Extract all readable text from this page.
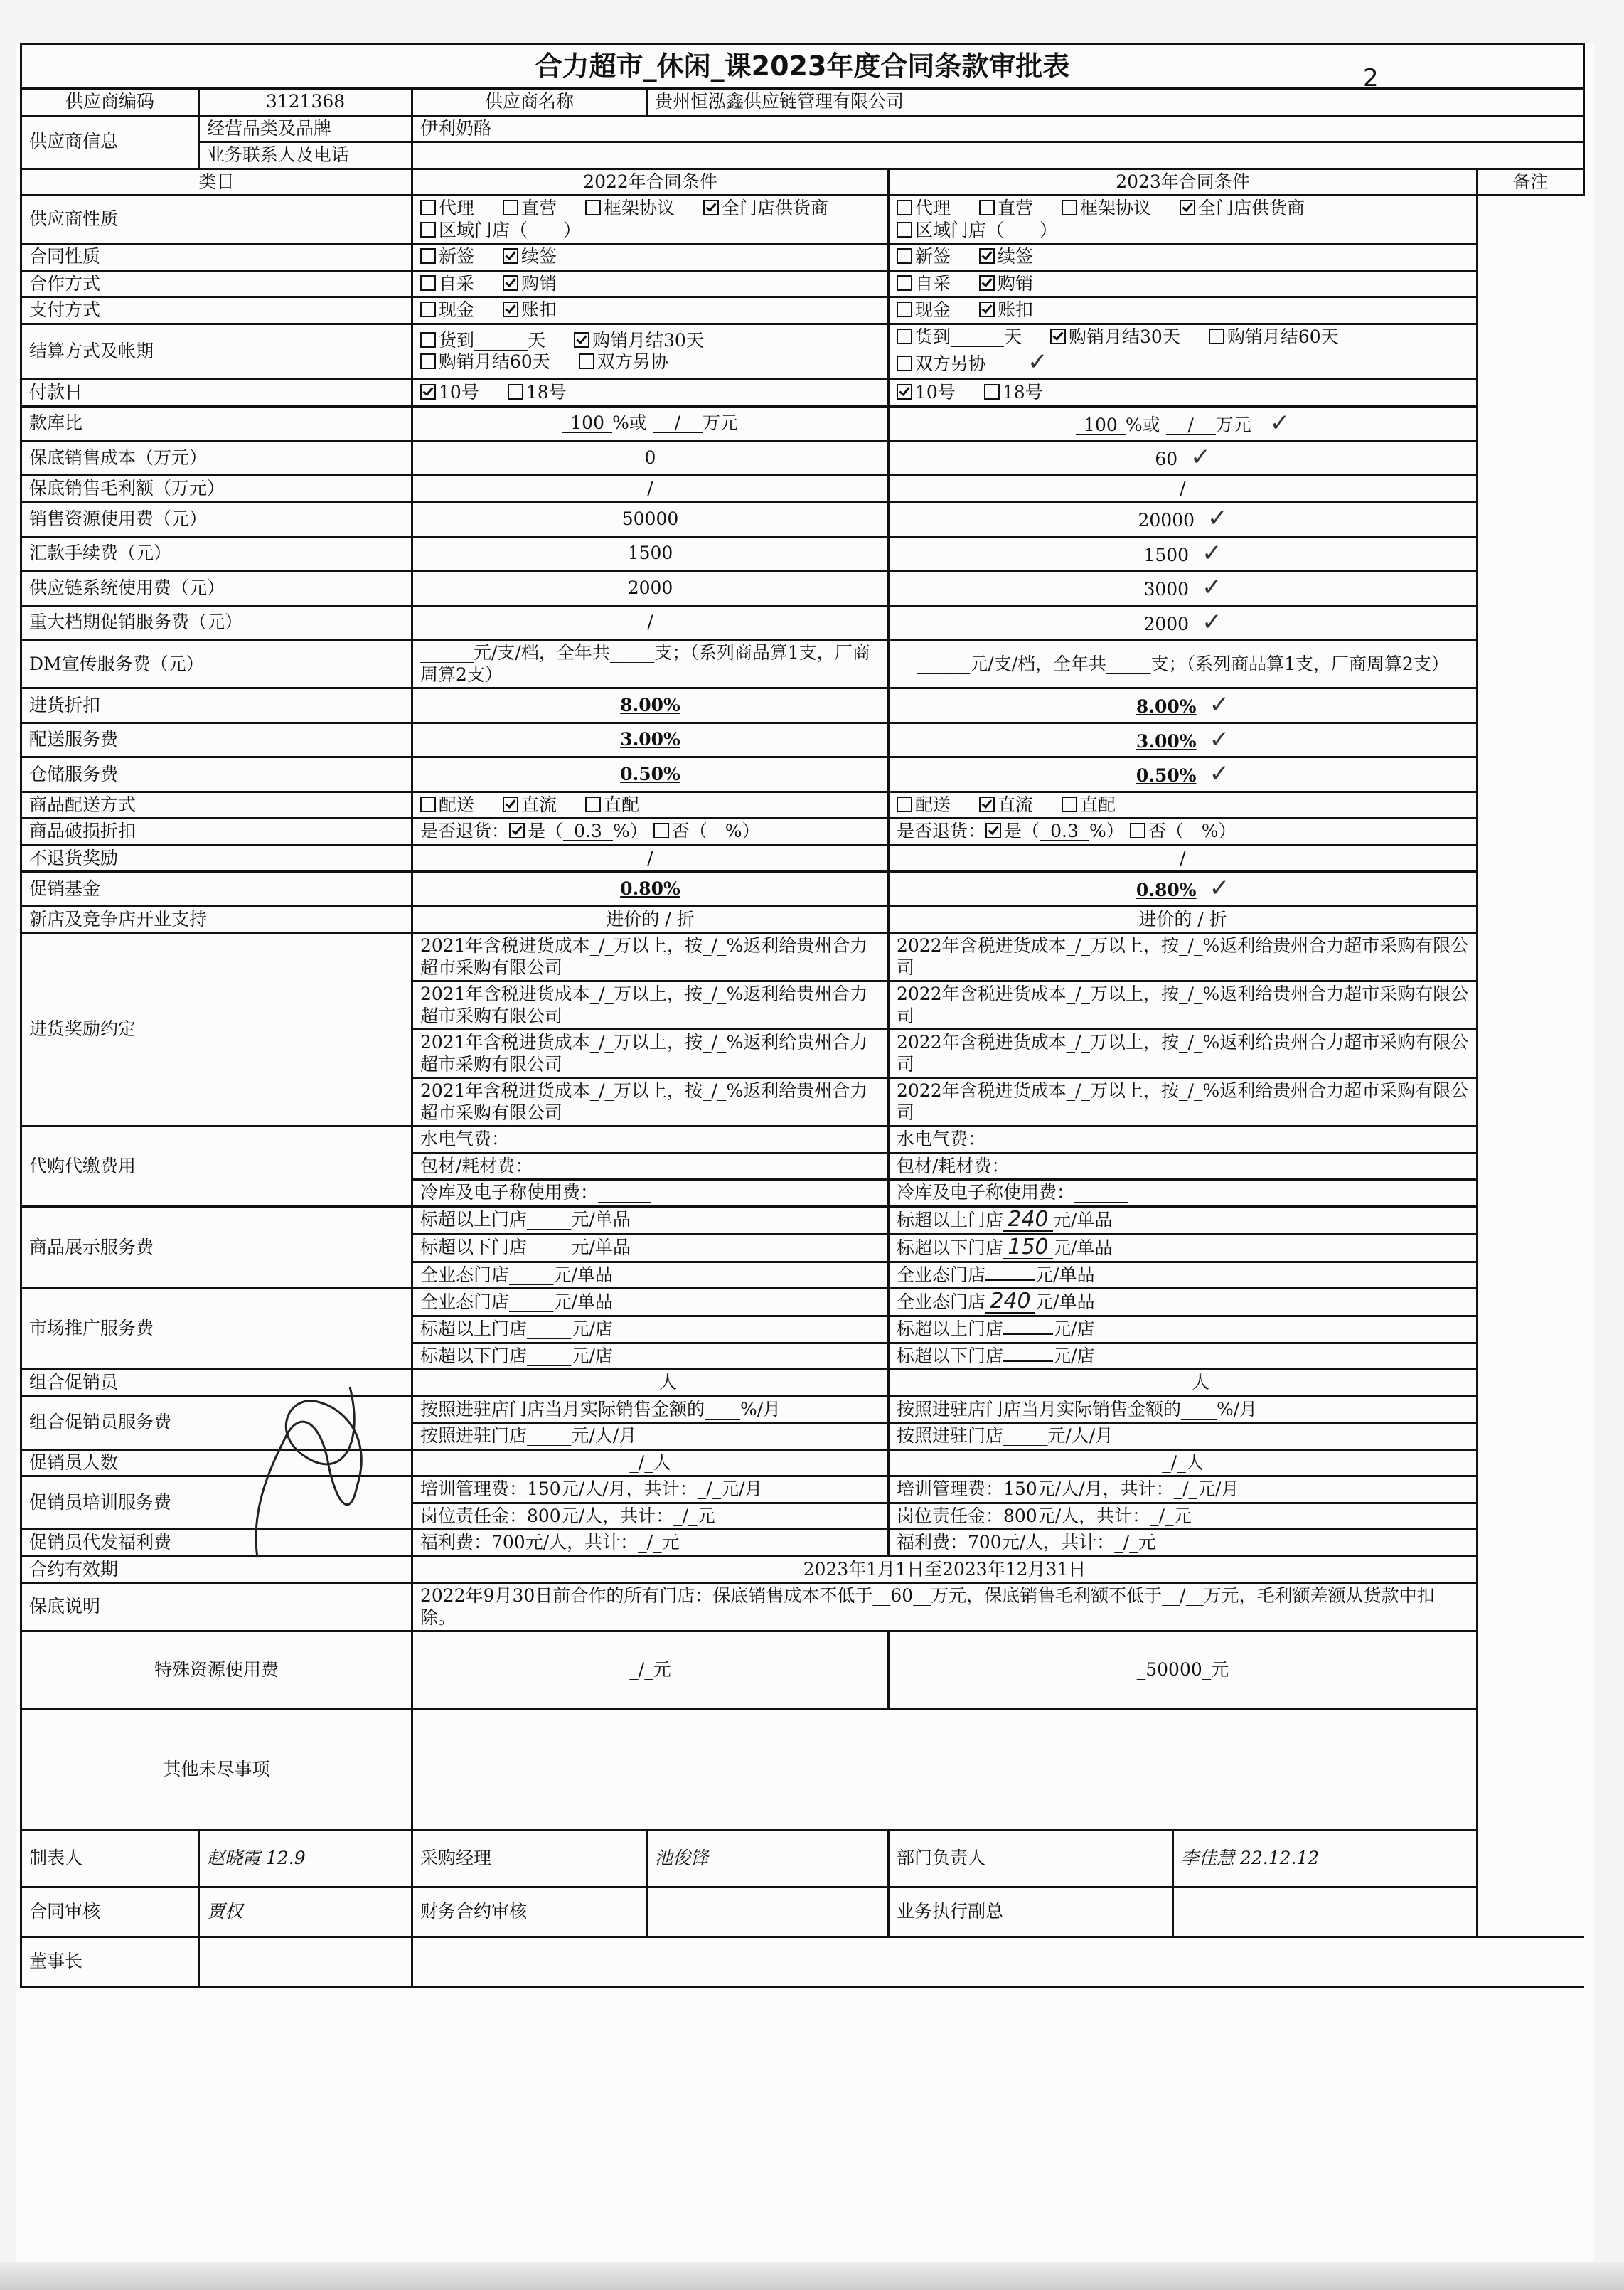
2
合力超市_休闲_课2023年度合同条款审批表						
供应商编码	3121368	供应商名称	贵州恒泓鑫供应链管理有限公司			
供应商信息	经营品类及品牌	伊利奶酪				
	业务联系人及电话					
类目		2022年合同条件		2023年合同条件		备注
供应商性质		代理 直营 框架协议 全门店供货商区域门店（　　）		代理 直营 框架协议 全门店供货商区域门店（　　）		
合同性质		新签 续签		新签 续签		
合作方式		自采 购销		自采 购销		
支付方式		现金 账扣		现金 账扣		
结算方式及帐期		货到______天 购销月结30天购销月结60天 双方另协		货到______天 购销月结30天 购销月结60天双方另协 ✓		
付款日		10号 18号		10号 18号		
款库比		100 %或 / 万元		100 %或 / 万元 ✓		
保底销售成本（万元）		0		60 ✓		
保底销售毛利额（万元）		/		/		
销售资源使用费（元）		50000		20000 ✓		
汇款手续费（元）		1500		1500 ✓		
供应链系统使用费（元）		2000		3000 ✓		
重大档期促销服务费（元）		/		2000 ✓		
DM宣传服务费（元）		______元/支/档，全年共_____支；（系列商品算1支，厂商周算2支）		______元/支/档，全年共_____支；（系列商品算1支，厂商周算2支）		
进货折扣		8.00%		8.00% ✓		
配送服务费		3.00%		3.00% ✓		
仓储服务费		0.50%		0.50% ✓		
商品配送方式		配送 直流 直配		配送 直流 直配		
商品破损折扣		是否退货： 是（ 0.3 %） 否（__%）		是否退货： 是（ 0.3 %） 否（__%）		
不退货奖励		/		/		
促销基金		0.80%		0.80% ✓		
新店及竞争店开业支持		进价的 / 折		进价的 / 折		
进货奖励约定		2021年含税进货成本_/_万以上，按_/_%返利给贵州合力超市采购有限公司		2022年含税进货成本_/_万以上，按_/_%返利给贵州合力超市采购有限公司		
		2021年含税进货成本_/_万以上，按_/_%返利给贵州合力超市采购有限公司		2022年含税进货成本_/_万以上，按_/_%返利给贵州合力超市采购有限公司		
		2021年含税进货成本_/_万以上，按_/_%返利给贵州合力超市采购有限公司		2022年含税进货成本_/_万以上，按_/_%返利给贵州合力超市采购有限公司		
		2021年含税进货成本_/_万以上，按_/_%返利给贵州合力超市采购有限公司		2022年含税进货成本_/_万以上，按_/_%返利给贵州合力超市采购有限公司		
代购代缴费用		水电气费：______		水电气费：______		
		包材/耗材费：______		包材/耗材费：______		
		冷库及电子称使用费：______		冷库及电子称使用费：______		
商品展示服务费		标超以上门店_____元/单品		标超以上门店 240 元/单品		
		标超以下门店_____元/单品		标超以下门店 150 元/单品		
		全业态门店_____元/单品		全业态门店 元/单品		
市场推广服务费		全业态门店_____元/单品		全业态门店 240 元/单品		
		标超以上门店_____元/店		标超以上门店 元/店		
		标超以下门店_____元/店		标超以下门店 元/店		
组合促销员		____人		____人		
组合促销员服务费		按照进驻店门店当月实际销售金额的____%/月		按照进驻店门店当月实际销售金额的____%/月		
		按照进驻门店_____元/人/月		按照进驻门店_____元/人/月		
促销员人数		_/_人		_/_人		
促销员培训服务费		培训管理费：150元/人/月，共计：_/_元/月		培训管理费：150元/人/月，共计：_/_元/月		
		岗位责任金：800元/人，共计：_/_元		岗位责任金：800元/人，共计：_/_元		
促销员代发福利费		福利费：700元/人，共计：_/_元		福利费：700元/人，共计：_/_元		
合约有效期		2023年1月1日至2023年12月31日				
保底说明		2022年9月30日前合作的所有门店：保底销售成本不低于__60__万元，保底销售毛利额不低于__/__万元，毛利额差额从货款中扣除。				
特殊资源使用费		_/_元		_50000_元		
其他未尽事项						
制表人	赵晓霞 12.9	采购经理	池俊锋	部门负责人	李佳慧 22.12.12	
合同审核	贾权	财务合约审核		业务执行副总		
董事长						
